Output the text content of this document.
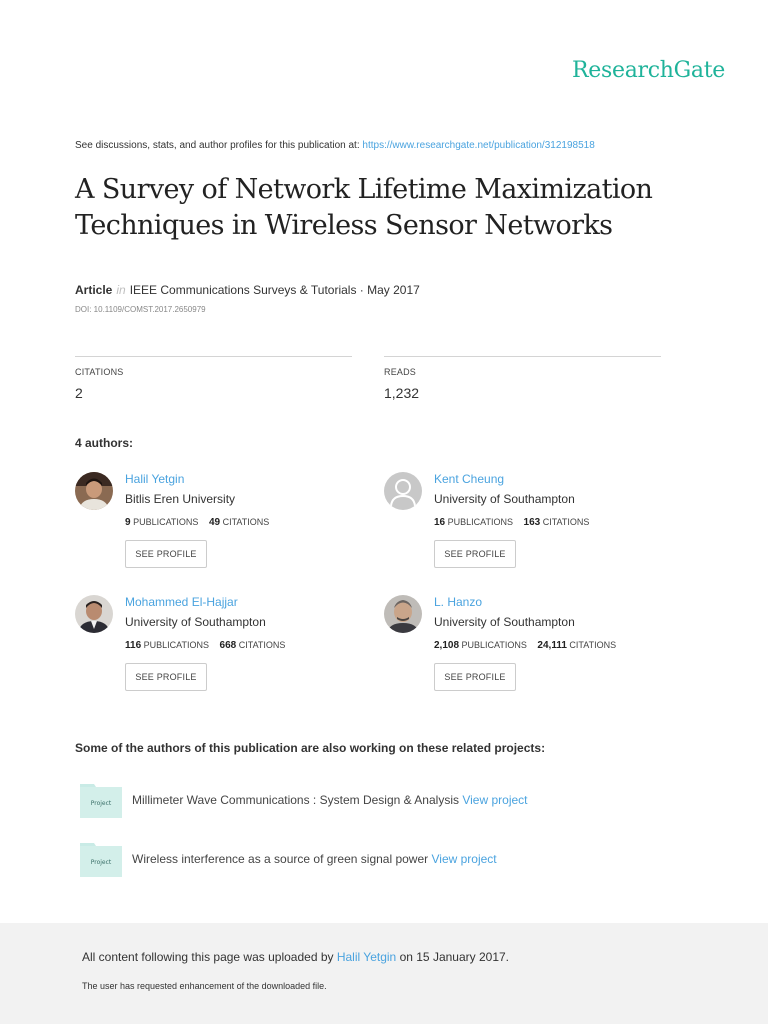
ResearchGate
See discussions, stats, and author profiles for this publication at: https://www.researchgate.net/publication/312198518
A Survey of Network Lifetime Maximization Techniques in Wireless Sensor Networks
Article in IEEE Communications Surveys & Tutorials · May 2017
DOI: 10.1109/COMST.2017.2650979
CITATIONS
2
READS
1,232
4 authors:
Halil Yetgin
Bitlis Eren University
9 PUBLICATIONS 49 CITATIONS
SEE PROFILE
Kent Cheung
University of Southampton
16 PUBLICATIONS 163 CITATIONS
SEE PROFILE
Mohammed El-Hajjar
University of Southampton
116 PUBLICATIONS 668 CITATIONS
SEE PROFILE
L. Hanzo
University of Southampton
2,108 PUBLICATIONS 24,111 CITATIONS
SEE PROFILE
Some of the authors of this publication are also working on these related projects:
Project Millimeter Wave Communications : System Design & Analysis View project
Project Wireless interference as a source of green signal power View project
All content following this page was uploaded by Halil Yetgin on 15 January 2017.
The user has requested enhancement of the downloaded file.
